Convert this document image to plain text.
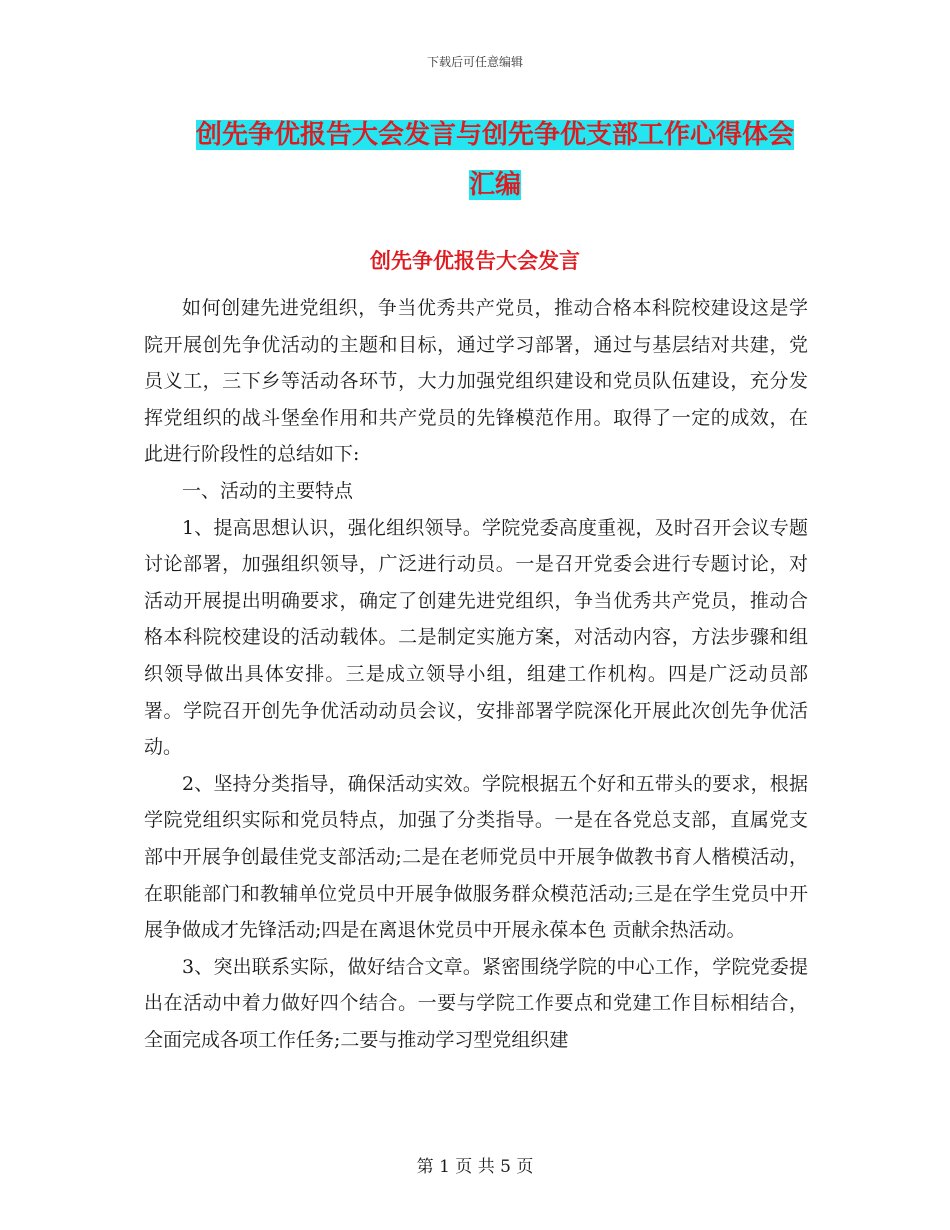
下载后可任意编辑
创先争优报告大会发言与创先争优支部工作心得体会
汇编
创先争优报告大会发言

如何创建先进党组织，争当优秀共产党员，推动合格本科院校建设这是学院开展创先争优活动的主题和目标，通过学习部署，通过与基层结对共建，党员义工，三下乡等活动各环节，大力加强党组织建设和党员队伍建设，充分发挥党组织的战斗堡垒作用和共产党员的先锋模范作用。取得了一定的成效，在此进行阶段性的总结如下:

一、活动的主要特点

1、提高思想认识，强化组织领导。学院党委高度重视，及时召开会议专题讨论部署，加强组织领导，广泛进行动员。一是召开党委会进行专题讨论，对活动开展提出明确要求，确定了创建先进党组织，争当优秀共产党员，推动合格本科院校建设的活动载体。二是制定实施方案，对活动内容，方法步骤和组织领导做出具体安排。三是成立领导小组，组建工作机构。四是广泛动员部署。学院召开创先争优活动动员会议，安排部署学院深化开展此次创先争优活动。

2、坚持分类指导，确保活动实效。学院根据五个好和五带头的要求，根据学院党组织实际和党员特点，加强了分类指导。一是在各党总支部，直属党支部中开展争创最佳党支部活动;二是在老师党员中开展争做教书育人楷模活动，在职能部门和教辅单位党员中开展争做服务群众模范活动;三是在学生党员中开展争做成才先锋活动;四是在离退休党员中开展永葆本色 贡献余热活动。

3、突出联系实际，做好结合文章。紧密围绕学院的中心工作，学院党委提出在活动中着力做好四个结合。一要与学院工作要点和党建工作目标相结合，全面完成各项工作任务;二要与推动学习型党组织建

第 1 页 共 5 页
